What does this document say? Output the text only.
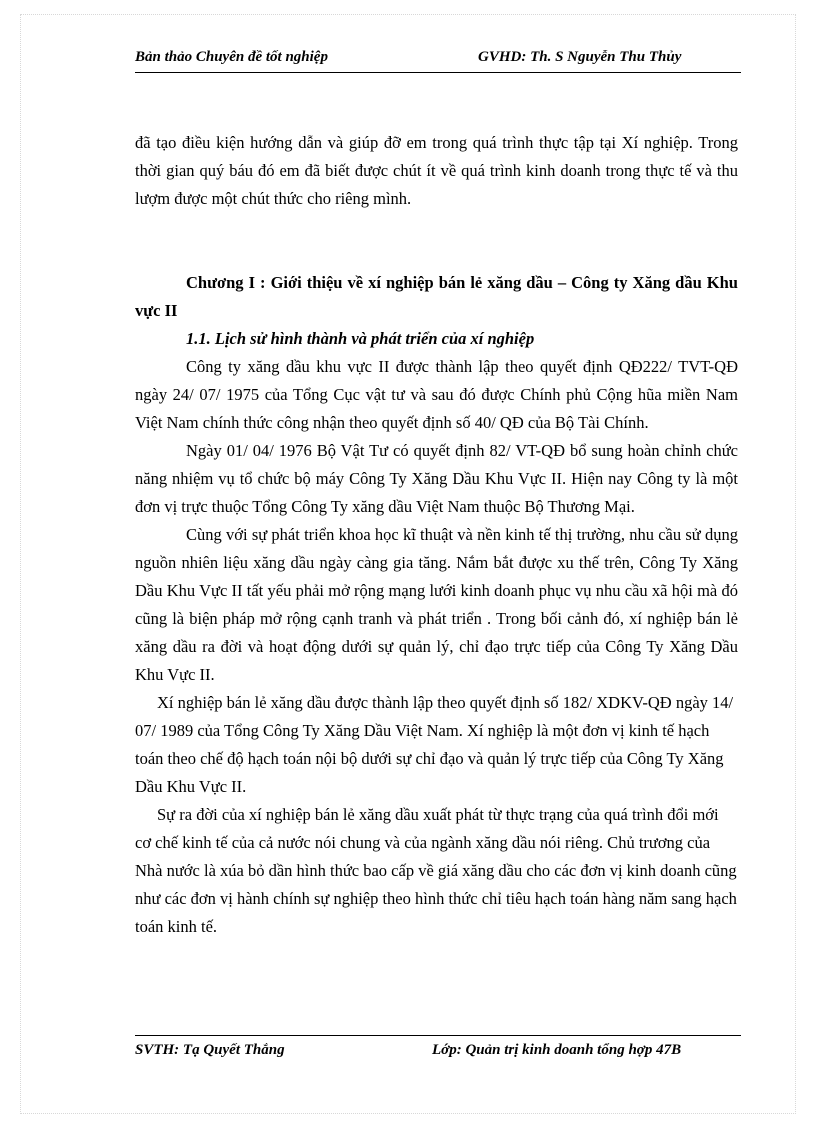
Bản thảo Chuyên đề tốt nghiệp	GVHD: Th. S Nguyễn Thu Thủy

đã tạo điều kiện hướng dẫn và giúp đỡ em trong quá trình thực tập tại Xí nghiệp. Trong thời gian quý báu đó em đã biết được chút ít về quá trình kinh doanh trong thực tế và thu lượm được một chút thức cho riêng mình.

Chương I : Giới thiệu về xí nghiệp bán lẻ xăng dầu – Công ty Xăng dầu Khu vực II

1.1. Lịch sử hình thành và phát triển của xí nghiệp

Công ty xăng dầu khu vực II được thành lập theo quyết định QĐ222/ TVT-QĐ ngày 24/ 07/ 1975 của Tổng Cục vật tư và sau đó được Chính phủ Cộng hũa miền Nam Việt Nam chính thức công nhận theo quyết định số 40/ QĐ của Bộ Tài Chính.

Ngày 01/ 04/ 1976 Bộ Vật Tư có quyết định 82/ VT-QĐ bổ sung hoàn chỉnh chức năng nhiệm vụ tổ chức bộ máy Công Ty Xăng Dầu Khu Vực II. Hiện nay Công ty là một đơn vị trực thuộc Tổng Công Ty xăng dầu Việt Nam thuộc Bộ Thương Mại.

Cùng với sự phát triển khoa học kĩ thuật và nền kinh tế thị trường, nhu cầu sử dụng nguồn nhiên liệu xăng dầu ngày càng gia tăng. Nắm bắt được xu thế trên, Công Ty Xăng Dầu Khu Vực II tất yếu phải mở rộng mạng lưới kinh doanh phục vụ nhu cầu xã hội mà đó cũng là biện pháp mở rộng cạnh tranh và phát triển . Trong bối cảnh đó, xí nghiệp bán lẻ xăng dầu ra đời và hoạt động dưới sự quản lý, chỉ đạo trực tiếp của Công Ty Xăng Dầu Khu Vực II.

Xí nghiệp bán lẻ xăng dầu được thành lập theo quyết định số 182/ XDKV-QĐ ngày 14/ 07/ 1989 của Tổng Công Ty Xăng Dầu Việt Nam. Xí nghiệp là một đơn vị kinh tế hạch toán theo chế độ hạch toán nội bộ dưới sự chỉ đạo và quản lý trực tiếp của Công Ty Xăng Dầu Khu Vực II.

Sự ra đời của xí nghiệp bán lẻ xăng dầu xuất phát từ thực trạng của quá trình đổi mới cơ chế kinh tế của cả nước nói chung và của ngành xăng dầu nói riêng. Chủ trương của Nhà nước là xúa bỏ dần hình thức bao cấp về giá xăng dầu cho các đơn vị kinh doanh cũng như các đơn vị hành chính sự nghiệp theo hình thức chỉ tiêu hạch toán hàng năm sang hạch toán kinh tế.

SVTH: Tạ Quyết Thắng	Lớp: Quản trị kinh doanh tổng hợp 47B
